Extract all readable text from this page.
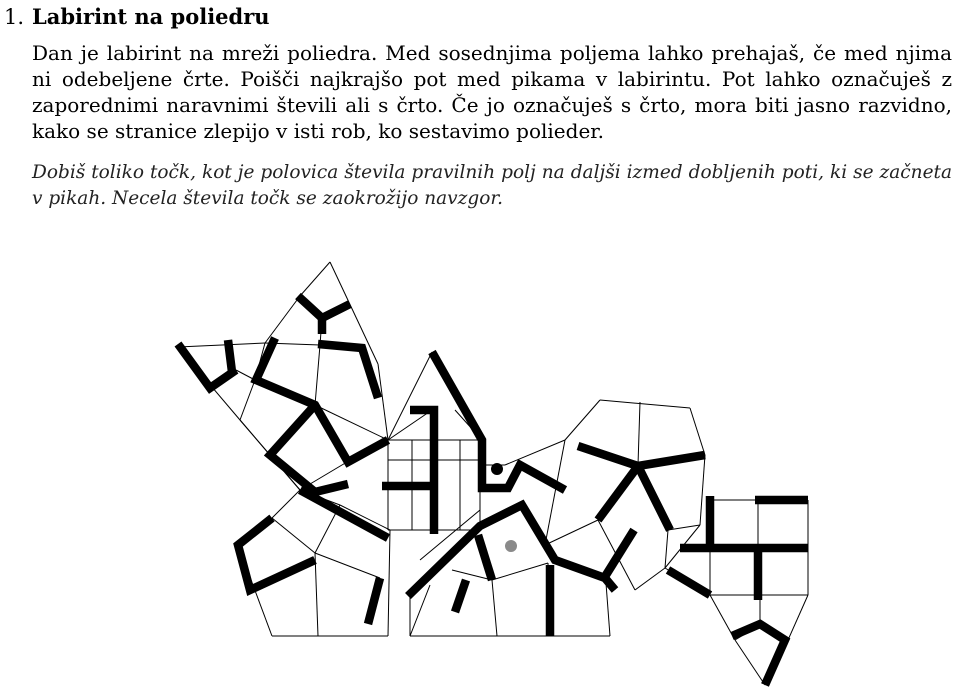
1. Labirint na poliedru

Dan je labirint na mreži poliedra. Med sosednjima poljema lahko prehajaš, če med njima ni odebeljene črte. Poišči najkrajšo pot med pikama v labirintu. Pot lahko označuješ z zaporednimi naravnimi števili ali s črto. Če jo označuješ s črto, mora biti jasno razvidno, kako se stranice zlepijo v isti rob, ko sestavimo polieder.

Dobiš toliko točk, kot je polovica števila pravilnih polj na daljši izmed dobljenih poti, ki se začneta v pikah. Necela števila točk se zaokrožijo navzgor.
